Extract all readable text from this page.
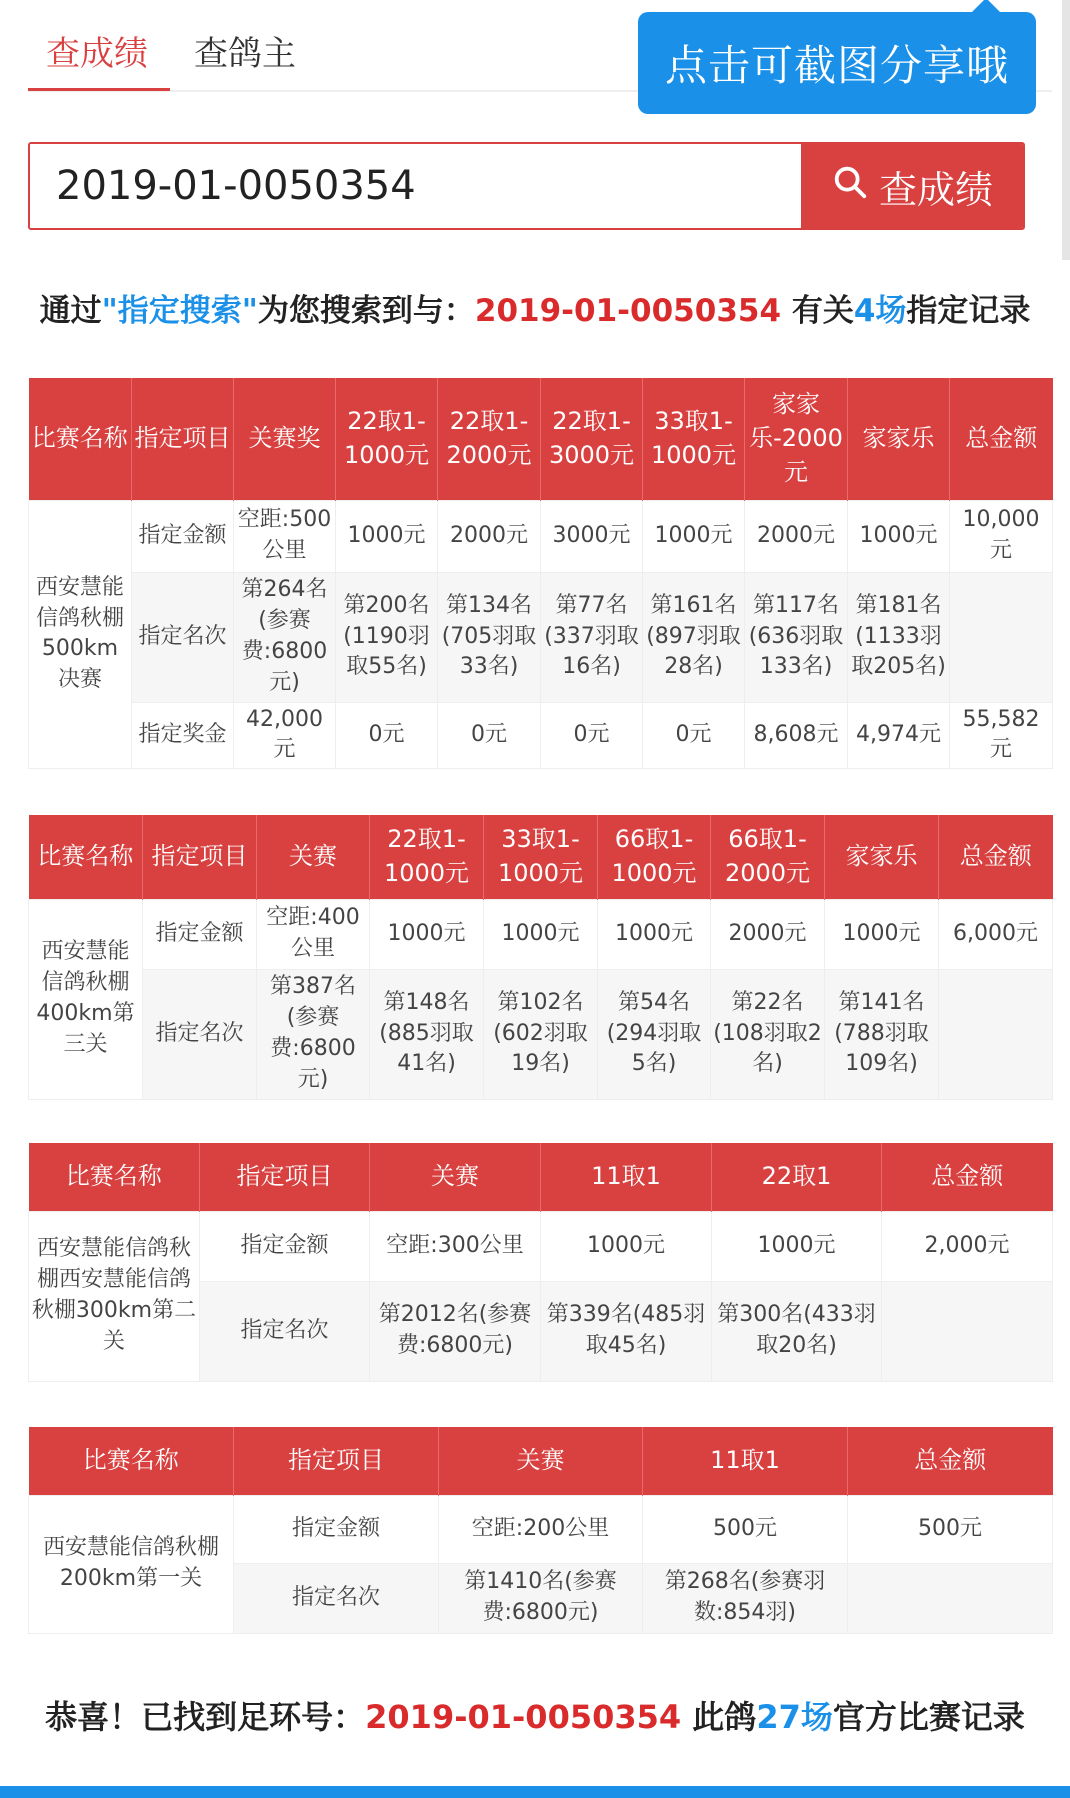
查成绩 查鸽主	点击可截图分享哦
2019-01-0050354
查成绩
通过"指定搜索"为您搜索到与：2019-01-0050354 有关4场指定记录
比赛名称	指定项目	关赛奖	22取1-1000元	22取1-2000元	22取1-3000元	33取1-1000元	家家乐-2000元	家家乐	总金额
西安慧能信鸽秋棚500km决赛	指定金额	空距:500公里	1000元	2000元	3000元	1000元	2000元	1000元	10,000元
	指定名次	第264名(参赛费:6800元)	第200名(1190羽取55名)	第134名(705羽取33名)	第77名(337羽取16名)	第161名(897羽取28名)	第117名(636羽取133名)	第181名(1133羽取205名)	
	指定奖金	42,000元	0元	0元	0元	0元	8,608元	4,974元	55,582元
比赛名称	指定项目	关赛	22取1-1000元	33取1-1000元	66取1-1000元	66取1-2000元	家家乐	总金额
西安慧能信鸽秋棚400km第三关	指定金额	空距:400公里	1000元	1000元	1000元	2000元	1000元	6,000元
	指定名次	第387名(参赛费:6800元)	第148名(885羽取41名)	第102名(602羽取19名)	第54名(294羽取5名)	第22名(108羽取2名)	第141名(788羽取109名)	
比赛名称	指定项目	关赛	11取1	22取1	总金额
西安慧能信鸽秋棚西安慧能信鸽秋棚300km第二关	指定金额	空距:300公里	1000元	1000元	2,000元
	指定名次	第2012名(参赛费:6800元)	第339名(485羽取45名)	第300名(433羽取20名)	
比赛名称	指定项目	关赛	11取1	总金额
西安慧能信鸽秋棚200km第一关	指定金额	空距:200公里	500元	500元
	指定名次	第1410名(参赛费:6800元)	第268名(参赛羽数:854羽)	
恭喜！已找到足环号：2019-01-0050354 此鸽27场官方比赛记录
